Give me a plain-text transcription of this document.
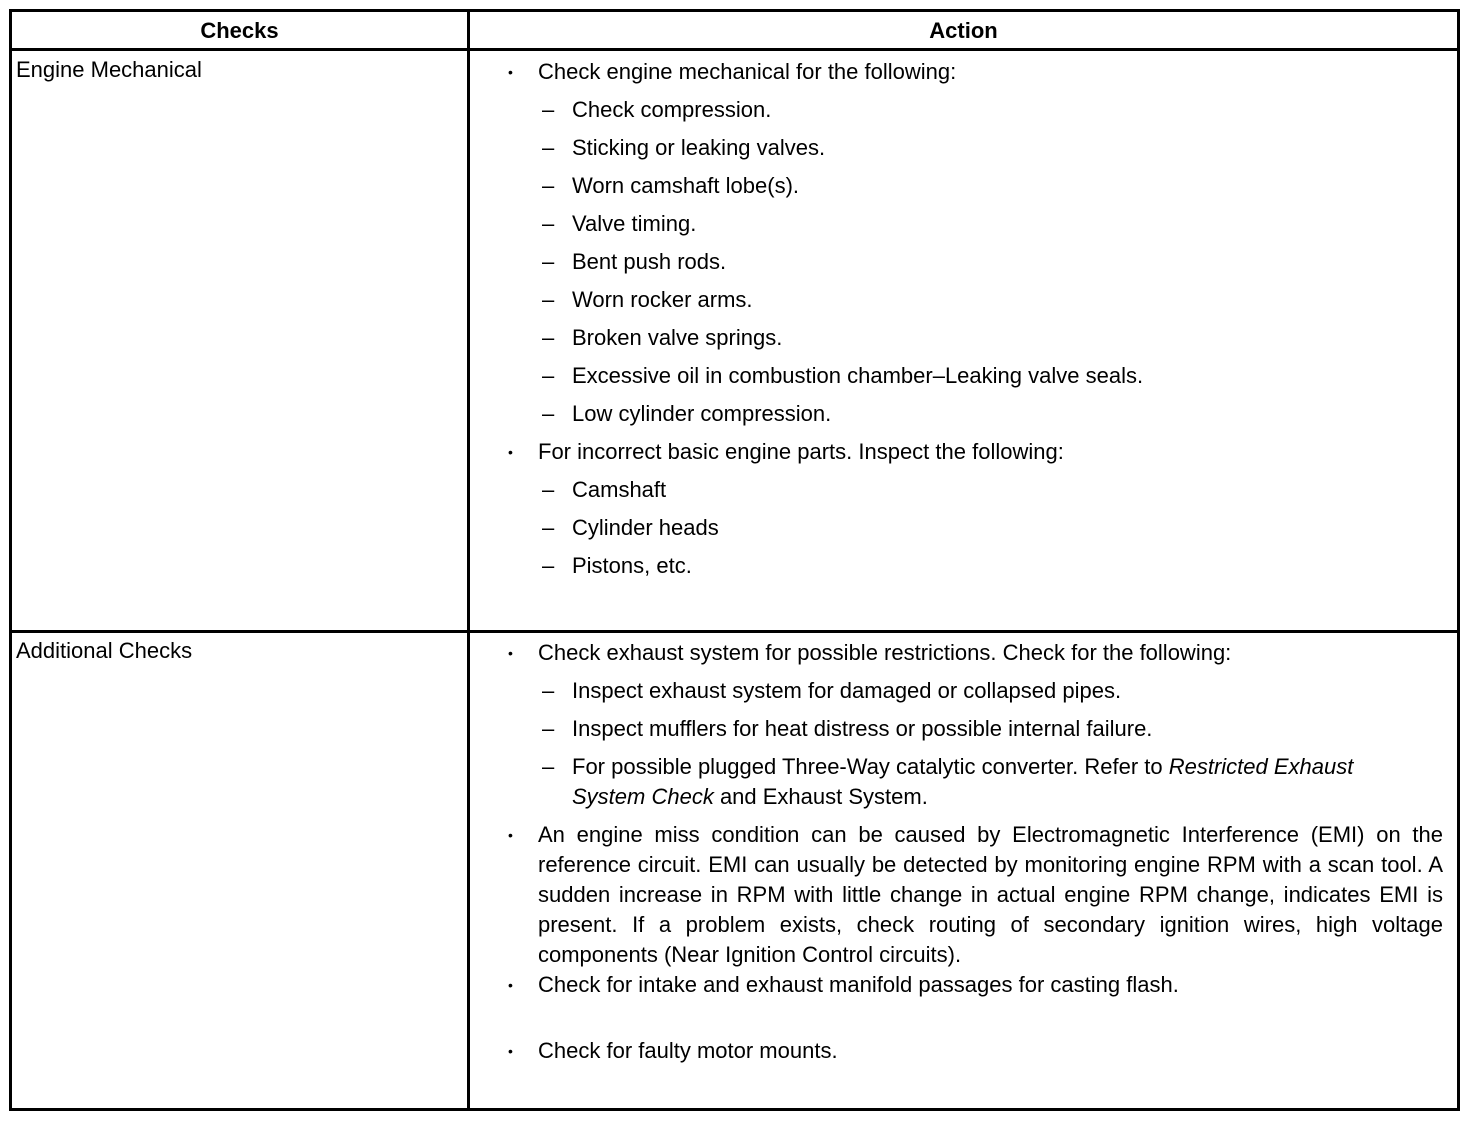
Checks	Action
Engine Mechanical	• Check engine mechanical for the following:
– Check compression.
– Sticking or leaking valves.
– Worn camshaft lobe(s).
– Valve timing.
– Bent push rods.
– Worn rocker arms.
– Broken valve springs.
– Excessive oil in combustion chamber–Leaking valve seals.
– Low cylinder compression.
• For incorrect basic engine parts. Inspect the following:
– Camshaft
– Cylinder heads
– Pistons, etc.
Additional Checks	• Check exhaust system for possible restrictions. Check for the following:
– Inspect exhaust system for damaged or collapsed pipes.
– Inspect mufflers for heat distress or possible internal failure.
– For possible plugged Three-Way catalytic converter. Refer to Restricted Exhaust System Check and Exhaust System.
• An engine miss condition can be caused by Electromagnetic Interference (EMI) on the reference circuit. EMI can usually be detected by monitoring engine RPM with a scan tool. A sudden increase in RPM with little change in actual engine RPM change, indicates EMI is present. If a problem exists, check routing of secondary ignition wires, high voltage components (Near Ignition Control circuits).
• Check for intake and exhaust manifold passages for casting flash.
• Check for faulty motor mounts.
